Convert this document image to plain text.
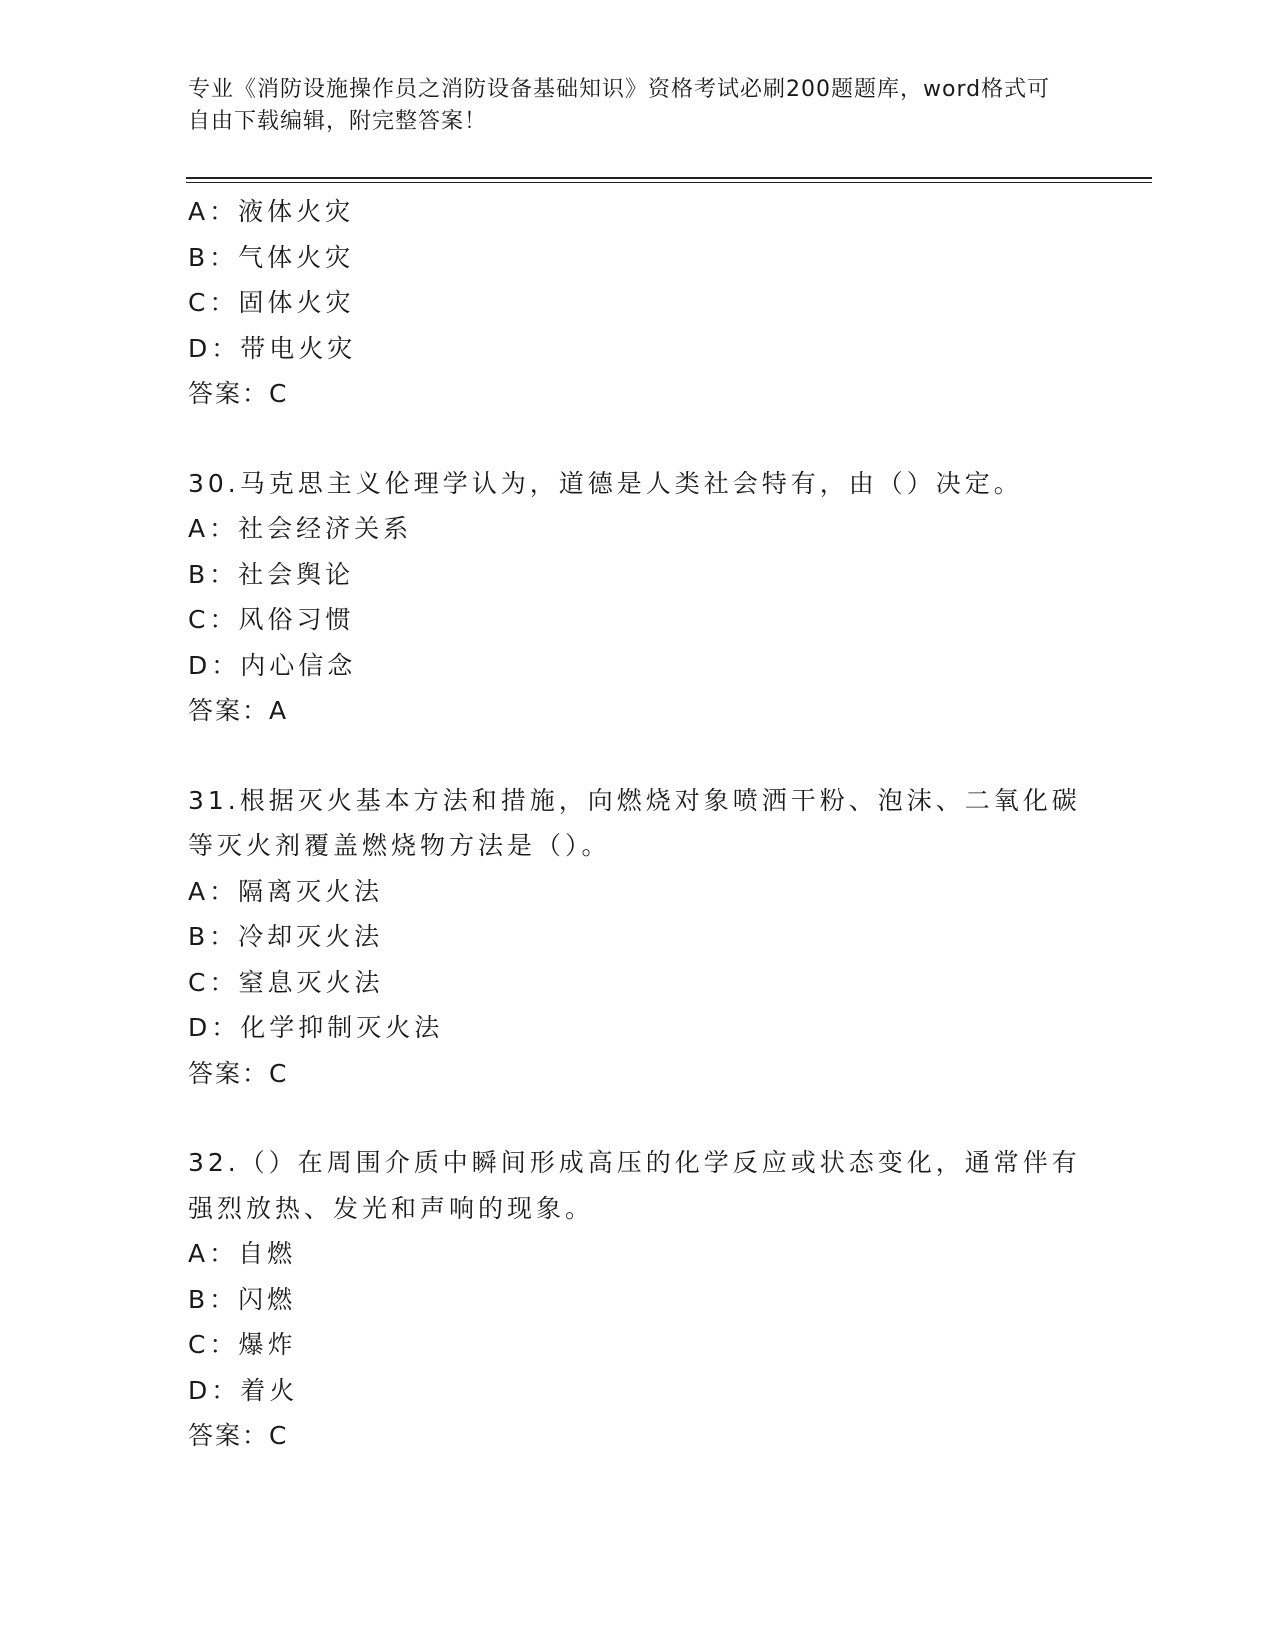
专业《消防设施操作员之消防设备基础知识》资格考试必刷200题题库，word格式可自由下载编辑，附完整答案！
A：液体火灾
B：气体火灾
C：固体火灾
D：带电火灾
答案：C
30.马克思主义伦理学认为，道德是人类社会特有，由（）决定。
A：社会经济关系
B：社会舆论
C：风俗习惯
D：内心信念
答案：A
31.根据灭火基本方法和措施，向燃烧对象喷洒干粉、泡沫、二氧化碳等灭火剂覆盖燃烧物方法是（）。
A：隔离灭火法
B：冷却灭火法
C：窒息灭火法
D：化学抑制灭火法
答案：C
32.（）在周围介质中瞬间形成高压的化学反应或状态变化，通常伴有强烈放热、发光和声响的现象。
A：自燃
B：闪燃
C：爆炸
D：着火
答案：C
